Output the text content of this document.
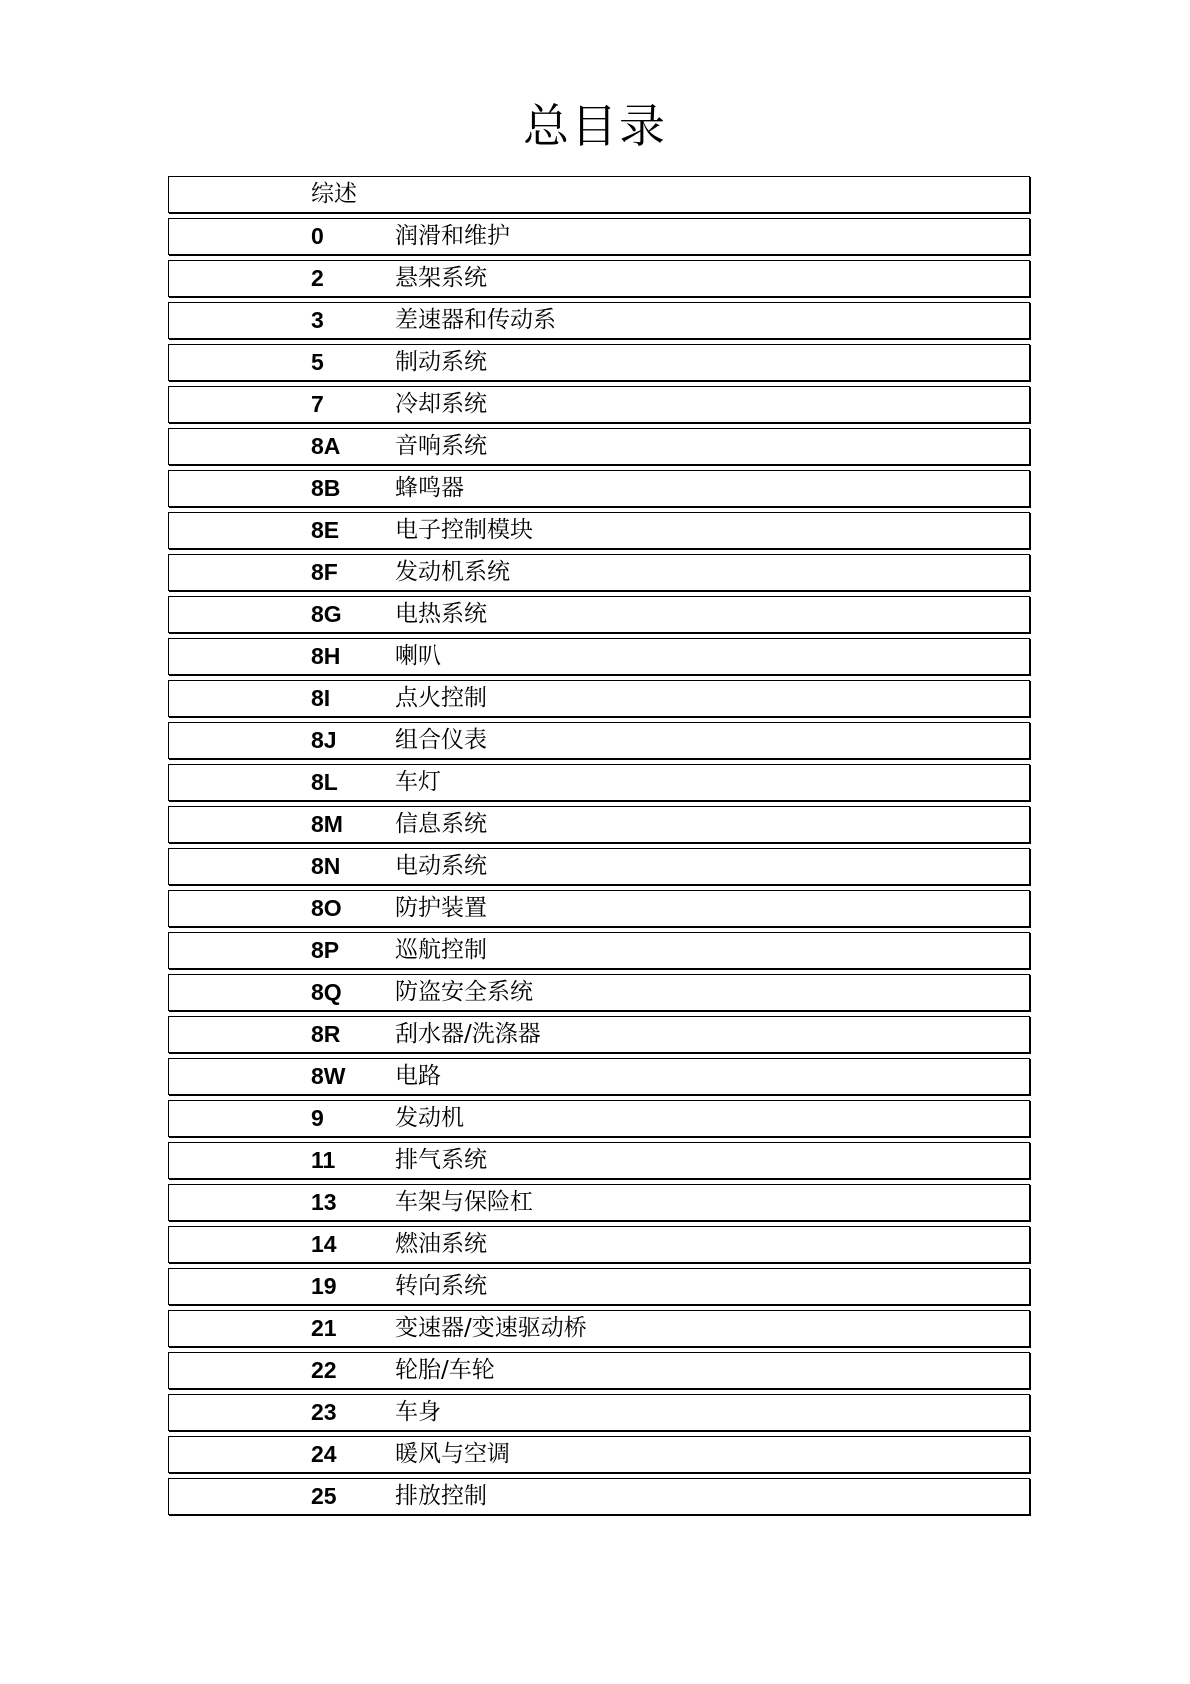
总目录
综述
0	润滑和维护
2	悬架系统
3	差速器和传动系
5	制动系统
7	冷却系统
8A 音响系统
8B 蜂鸣器
8E 电子控制模块
8F 发动机系统
8G 电热系统
8H 喇叭
8I	点火控制
8J	组合仪表
8L 车灯
8M 信息系统
8N 电动系统
8O 防护装置
8P 巡航控制
8Q 防盗安全系统
8R 刮水器/洗涤器
8W 电路
9	发动机
11	排气系统
13	车架与保险杠
14	燃油系统
19	转向系统
21	变速器/变速驱动桥
22	轮胎/车轮
23	车身
24	暖风与空调
25	排放控制
